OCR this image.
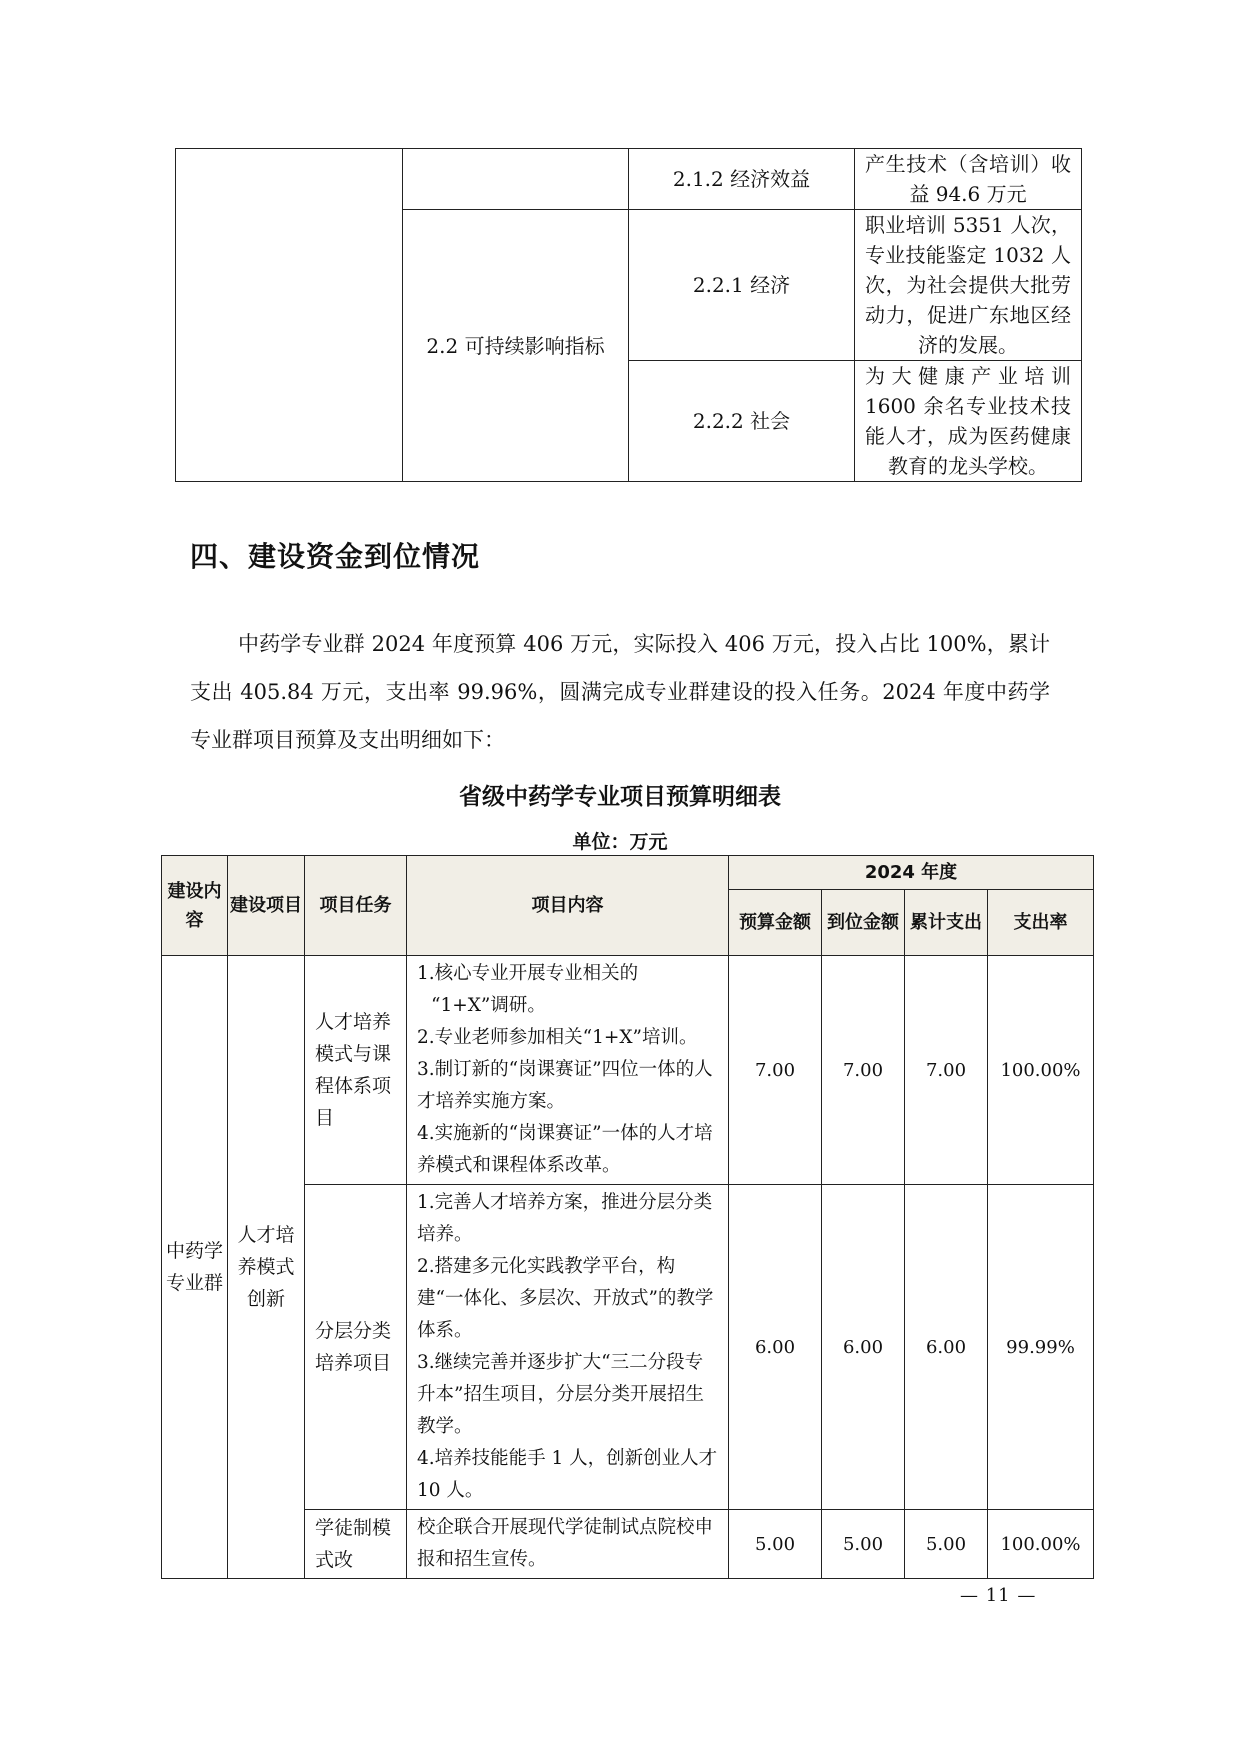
		2.1.2 经济效益	产生技术（含培训）收益 94.6 万元
	2.2 可持续影响指标	2.2.1 经济	职业培训 5351 人次，专业技能鉴定 1032 人次，为社会提供大批劳动力，促进广东地区经济的发展。
		2.2.2 社会	为大健康产业培训 1600 余名专业技术技能人才，成为医药健康教育的龙头学校。
四、建设资金到位情况

中药学专业群 2024 年度预算 406 万元，实际投入 406 万元，投入占比 100%，累计支出 405.84 万元，支出率 99.96%，圆满完成专业群建设的投入任务。2024 年度中药学专业群项目预算及支出明细如下：

省级中药学专业项目预算明细表
单位：万元
建设内容	建设项目	项目任务	项目内容	2024 年度			
				预算金额	到位金额	累计支出	支出率
中药学专业群	人才培养模式创新	人才培养模式与课程体系项目	1.核心专业开展专业相关的
“1+X”调研。
2.专业老师参加相关“1+X”培训。
3.制订新的“岗课赛证”四位一体的人才培养实施方案。
4.实施新的“岗课赛证”一体的人才培养模式和课程体系改革。	7.00	7.00	7.00	100.00%
		分层分类培养项目	1.完善人才培养方案，推进分层分类培养。
2.搭建多元化实践教学平台，构建“一体化、多层次、开放式”的教学体系。
3.继续完善并逐步扩大“三二分段专升本”招生项目，分层分类开展招生教学。
4.培养技能能手 1 人，创新创业人才 10 人。	6.00	6.00	6.00	99.99%
		学徒制模式改	校企联合开展现代学徒制试点院校申报和招生宣传。	5.00	5.00	5.00	100.00%
— 11 —
